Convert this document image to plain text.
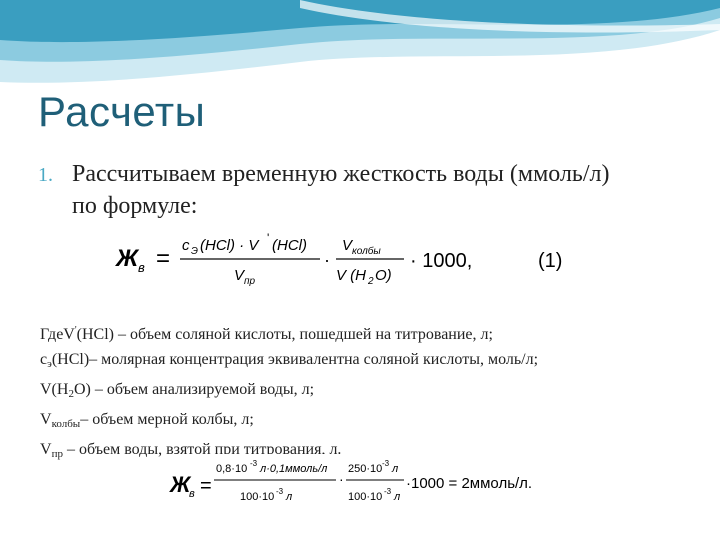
Расчеты
1. Рассчитываем временную жесткость воды (ммоль/л) по формуле:
Ж в = c Э (HCl) · V ' (HCl)
V пр
·
V колбы
V (H 2 O)
· 1000,	(1)
ГдеV'(HCl) – объем соляной кислоты, пошедшей на титрование, л;
$c_э(HCl)-$ молярная концентрация эквивалентна соляной кислоты, моль/л;
$V(H_2O)$ – объем анализируемой воды, л;
$V_{колбы}-$ объем мерной колбы, л;
$V_{пр}$ – объем воды, взятой при титрования, л.
Ж
в =
0,8·10 -3 л·0,1ммоль/л
100·10 -3 л
·
250·10 -3 л
100·10 -3 л
·1000 = 2ммоль/л.
